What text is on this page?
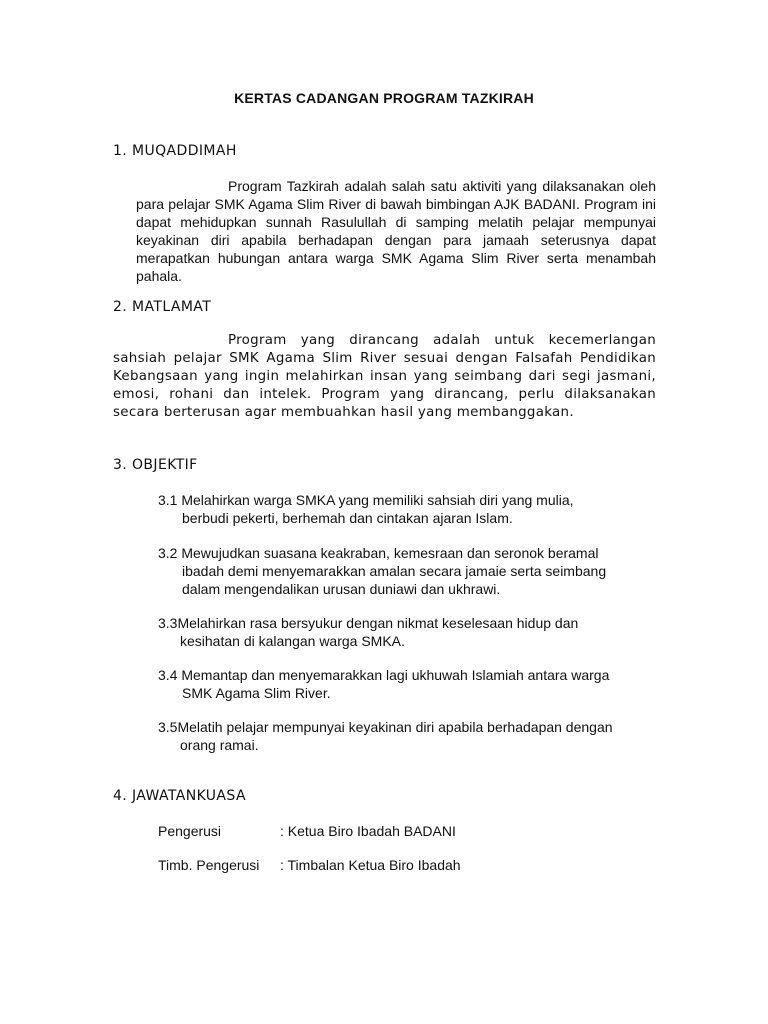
KERTAS CADANGAN PROGRAM TAZKIRAH
1. MUQADDIMAH
Program Tazkirah adalah salah satu aktiviti yang dilaksanakan oleh para pelajar SMK Agama Slim River di bawah bimbingan AJK BADANI. Program ini dapat mehidupkan sunnah Rasulullah di samping melatih pelajar mempunyai keyakinan diri apabila berhadapan dengan para jamaah seterusnya dapat merapatkan hubungan antara warga SMK Agama Slim River serta menambah pahala.
2. MATLAMAT
Program yang dirancang adalah untuk kecemerlangan sahsiah pelajar SMK Agama Slim River sesuai dengan Falsafah Pendidikan Kebangsaan yang ingin melahirkan insan yang seimbang dari segi jasmani, emosi, rohani dan intelek. Program yang dirancang, perlu dilaksanakan secara berterusan agar membuahkan hasil yang membanggakan.
3. OBJEKTIF
3.1 Melahirkan warga SMKA yang memiliki sahsiah diri yang mulia,
berbudi pekerti, berhemah dan cintakan ajaran Islam.
3.2 Mewujudkan suasana keakraban, kemesraan dan seronok beramal
ibadah demi menyemarakkan amalan secara jamaie serta seimbang
dalam mengendalikan urusan duniawi dan ukhrawi.
3.3Melahirkan rasa bersyukur dengan nikmat keselesaan hidup dan
kesihatan di kalangan warga SMKA.
3.4 Memantap dan menyemarakkan lagi ukhuwah Islamiah antara warga
SMK Agama Slim River.
3.5Melatih pelajar mempunyai keyakinan diri apabila berhadapan dengan
orang ramai.
4. JAWATANKUASA
Pengerusi	: Ketua Biro Ibadah BADANI
Timb. Pengerusi : Timbalan Ketua Biro Ibadah
